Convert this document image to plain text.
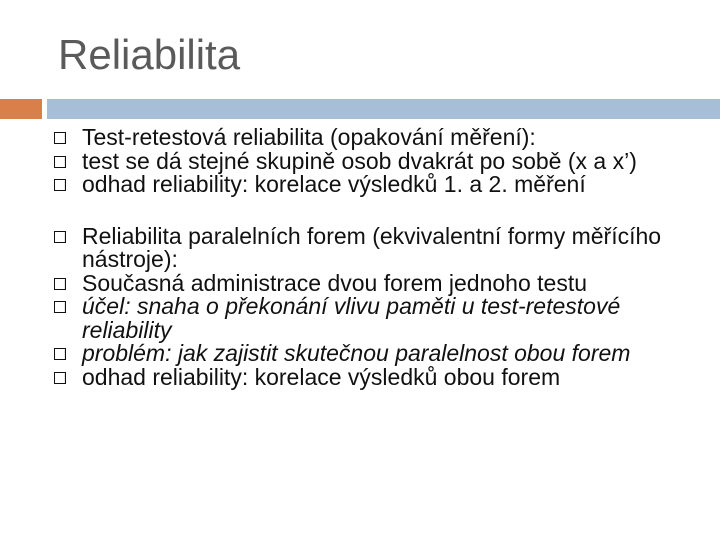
Reliabilita
Test-retestová reliabilita (opakování měření):
test se dá stejné skupině osob dvakrát po sobě (x a x’)
odhad reliability: korelace výsledků 1. a 2. měření
Reliabilita paralelních forem (ekvivalentní formy měřícího nástroje):
Současná administrace dvou forem jednoho testu
účel: snaha o překonání vlivu paměti u test-retestové reliability
problém: jak zajistit skutečnou paralelnost obou forem
odhad reliability: korelace výsledků obou forem
